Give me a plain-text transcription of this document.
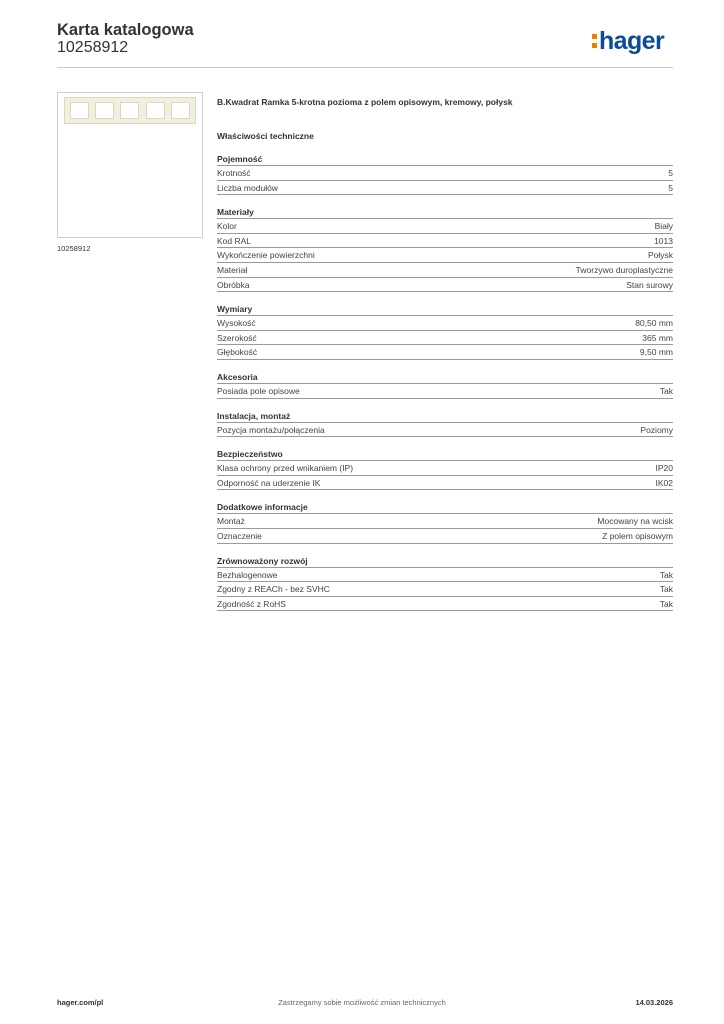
Karta katalogowa
10258912	hager
10258912
B.Kwadrat Ramka 5-krotna pozioma z polem opisowym, kremowy, połysk
Właściwości techniczne
Pojemność
Krotność	5
Liczba modułów	5
Materiały
Kolor	Biały
Kod RAL	1013
Wykończenie powierzchni	Połysk
Materiał	Tworzywo duroplastyczne
Obróbka	Stan surowy
Wymiary
Wysokość	80,50 mm
Szerokość	365 mm
Głębokość	9,50 mm
Akcesoria
Posiada pole opisowe	Tak
Instalacja, montaż
Pozycja montażu/połączenia	Poziomy
Bezpieczeństwo
Klasa ochrony przed wnikaniem (IP)	IP20
Odporność na uderzenie IK	IK02
Dodatkowe informacje
Montaż	Mocowany na wcisk
Oznaczenie	Z polem opisowym
Zrównoważony rozwój
Bezhalogenowe	Tak
Zgodny z REACh - bez SVHC	Tak
Zgodność z RoHS	Tak
hager.com/pl	Zastrzegamy sobie możliwość zmian technicznych	14.03.2026
